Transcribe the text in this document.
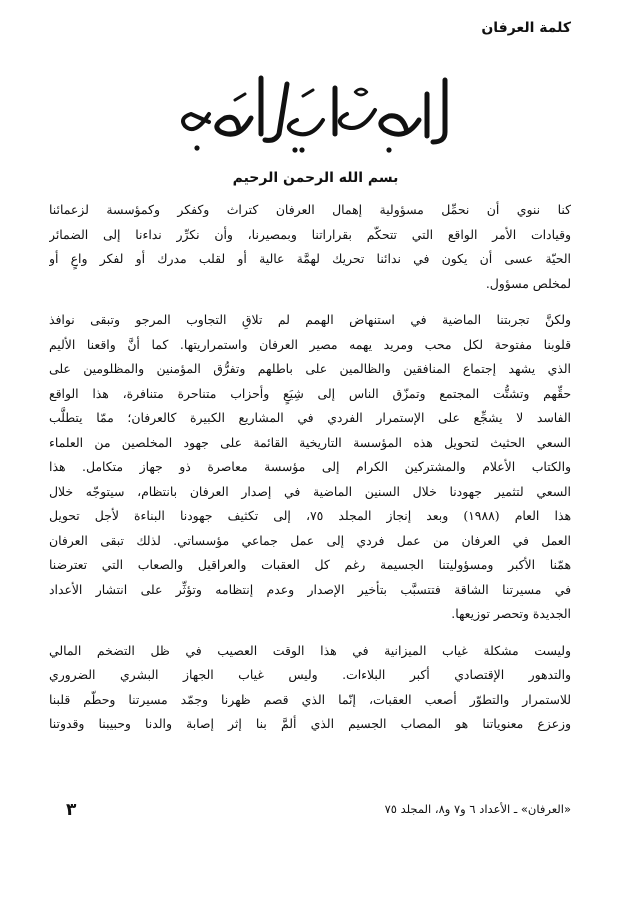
كلمة العرفان
بسم الله الرحمن الرحيم
كنا ننوي أن نحمِّل مسؤولية إهمال العرفان كتراث وكفكر وكمؤسسة لزعمائنا
وقيادات الأمر الواقع التي تتحكّم بقراراتنا وبمصيرنا، وأن نكرِّر نداءنا إلى الضمائر
الحيّة عسى أن يكون في ندائنا تحريك لهمَّة عالية أو لقلب مدرك أو لفكر واعٍ أو
لمخلص مسؤول.
ولكنَّ تجربتنا الماضية في استنهاض الهمم لم تلاقِ التجاوب المرجو وتبقى نوافذ
قلوبنا مفتوحة لكل محب ومريد يهمه مصير العرفان واستمراريتها. كما أنَّ واقعنا الأليم
الذي يشهد إجتماع المنافقين والظالمين على باطلهم وتفرُّق المؤمنين والمظلومين على
حقِّهم وتشتُّت المجتمع وتمزّق الناس إلى شِيَعٍ وأحزاب متناحرة متنافرة، هذا الواقع
الفاسد لا يشجِّع على الإستمرار الفردي في المشاريع الكبيرة كالعرفان؛ ممّا يتطلَّب
السعي الحثيث لتحويل هذه المؤسسة التاريخية القائمة على جهود المخلصين من العلماء
والكتاب الأعلام والمشتركين الكرام إلى مؤسسة معاصرة ذو جهاز متكامل. هذا
السعي لتثمير جهودنا خلال السنين الماضية في إصدار العرفان بانتظام، سيتوجّه خلال
هذا العام (١٩٨٨) وبعد إنجاز المجلد ٧٥، إلى تكثيف جهودنا البناءة لأجل تحويل
العمل في العرفان من عمل فردي إلى عمل جماعي مؤسساتي. لذلك تبقى العرفان
همّنا الأكبر ومسؤوليتنا الجسيمة رغم كل العقبات والعراقيل والصعاب التي تعترضنا
في مسيرتنا الشاقة فتتسبَّب بتأخير الإصدار وعدم إنتظامه وتؤثِّر على انتشار الأعداد
الجديدة وتحصر توزيعها.
وليست مشكلة غياب الميزانية في هذا الوقت العصيب في ظل التضخم المالي
والتدهور الإقتصادي أكبر البلاءات. وليس غياب الجهاز البشري الضروري
للاستمرار والتطوّر أصعب العقبات، إنّما الذي قصم ظهرنا وجمّد مسيرتنا وحطّم قلبنا
وزعزع معنوياتنا هو المصاب الجسيم الذي ألمَّ بنا إثر إصابة والدنا وحبيبنا وقدوتنا
٣	«العرفان» ـ الأعداد ٦ و٧ و٨، المجلد ٧٥
